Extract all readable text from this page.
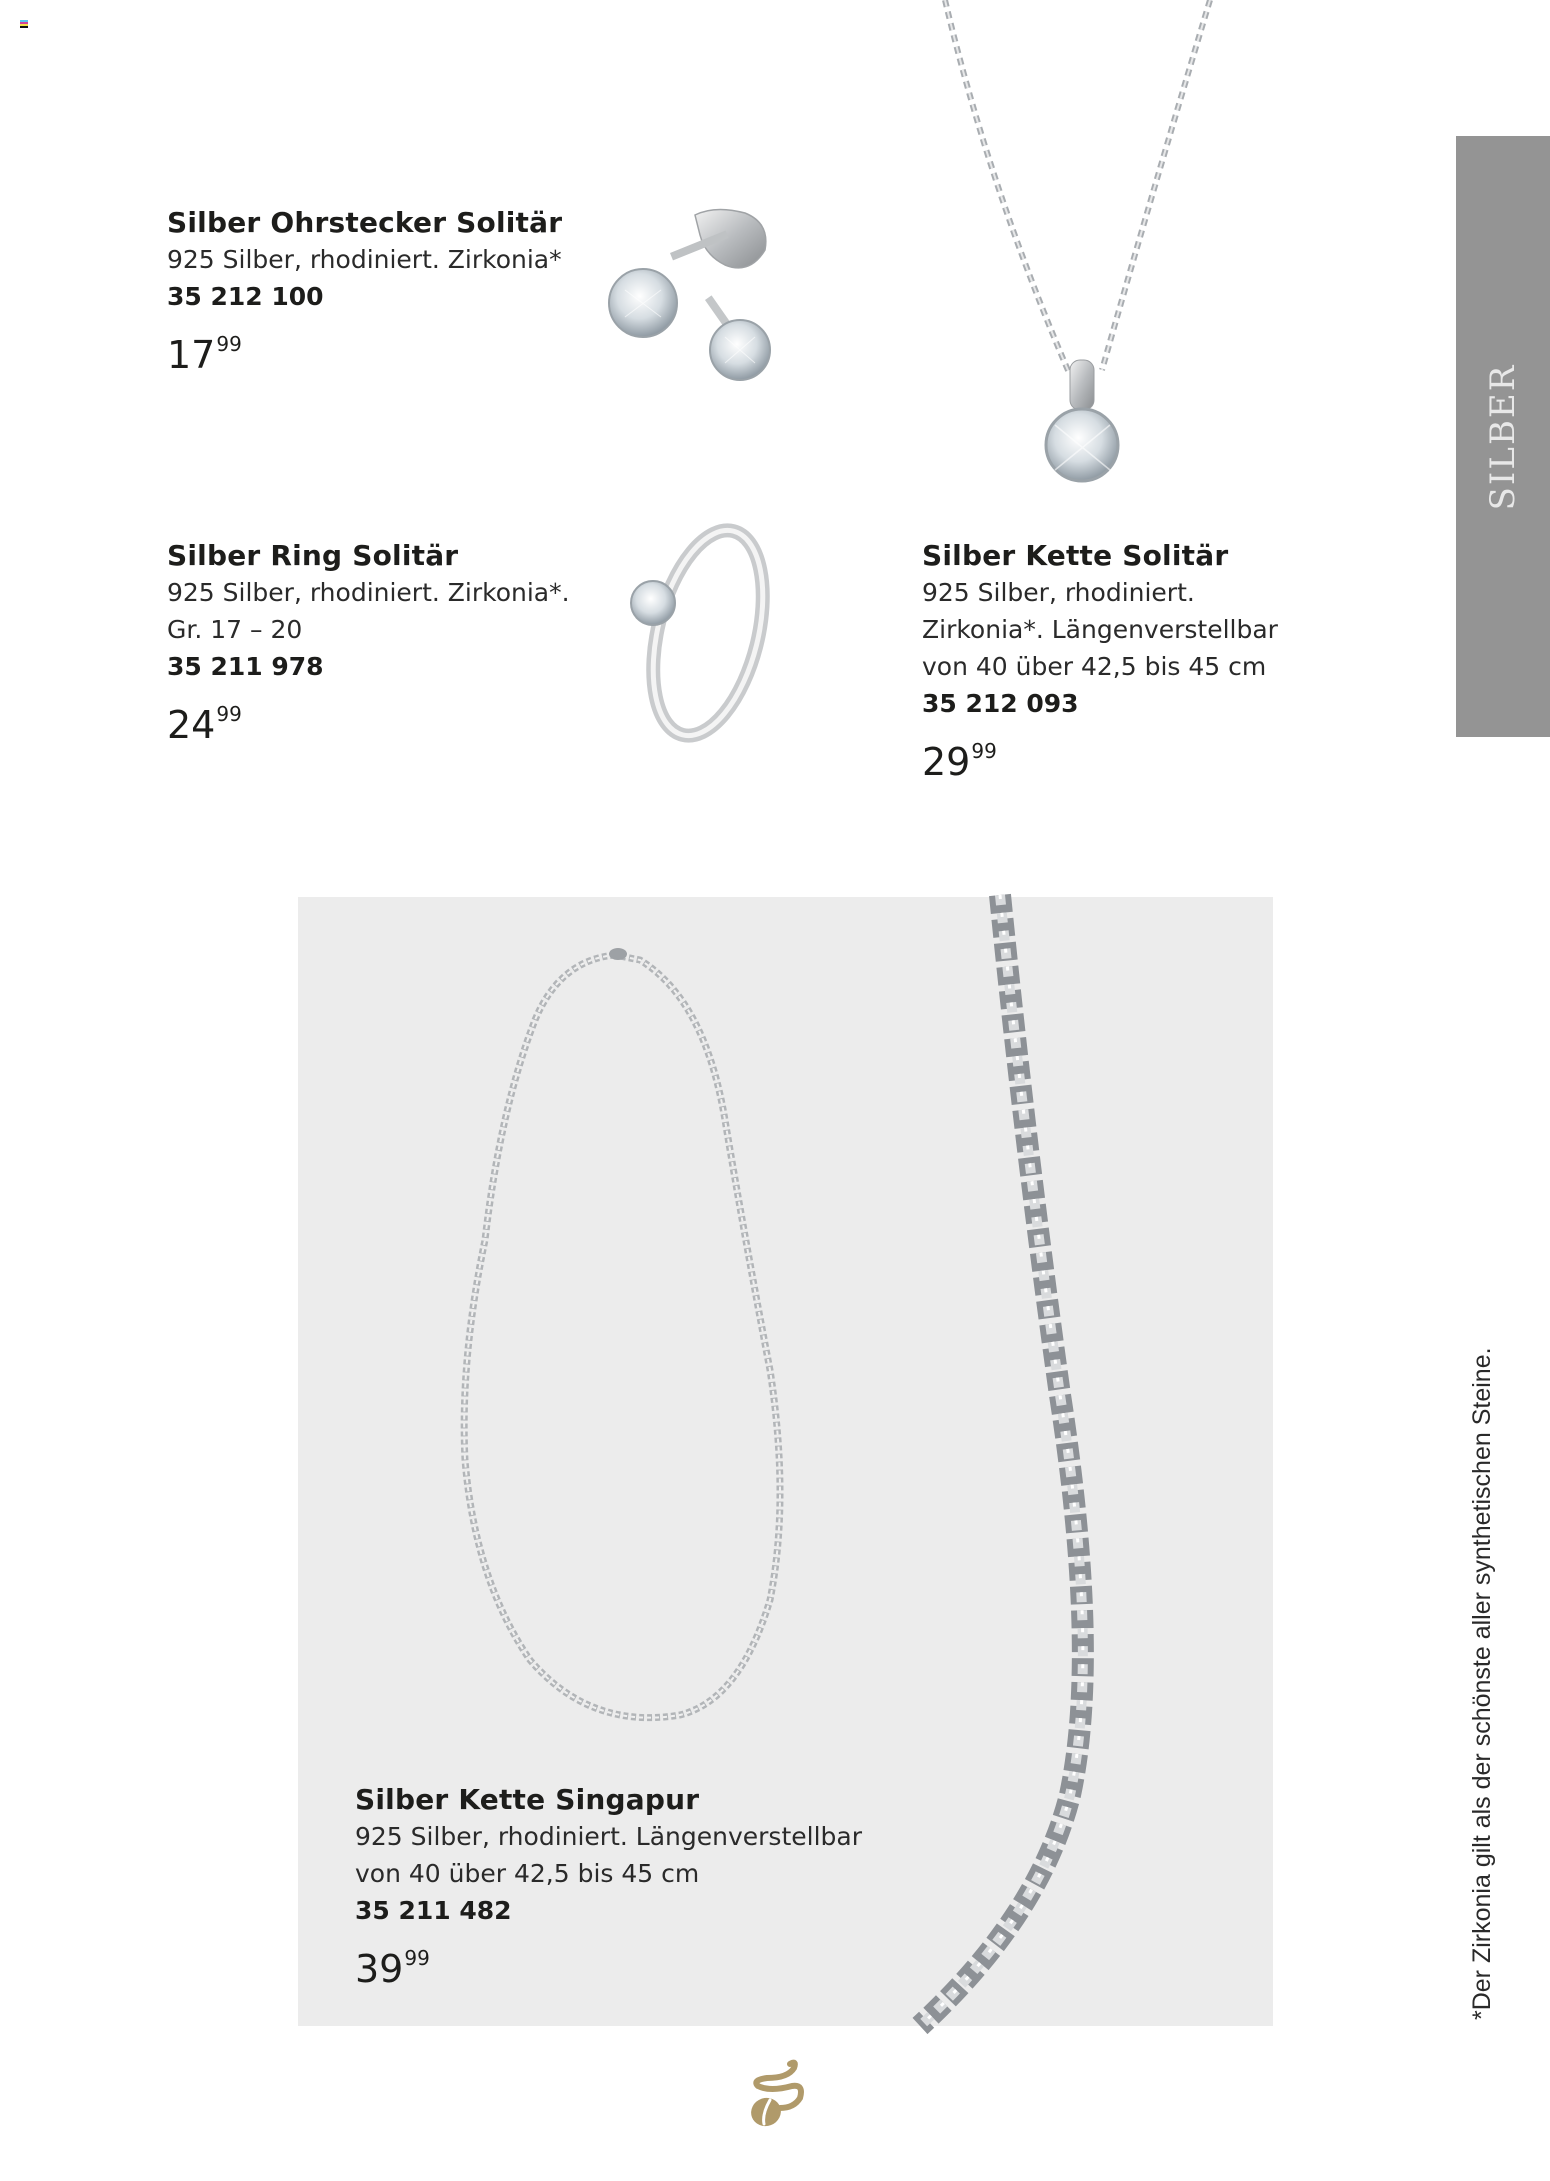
SILBER
Silber Ohrstecker Solitär
925 Silber, rhodiniert. Zirkonia*
35 212 100
$17^{99}$
Silber Ring Solitär
925 Silber, rhodiniert. Zirkonia*.
Gr. 17 – 20
35 211 978
$24^{99}$
Silber Kette Solitär
925 Silber, rhodiniert.
Zirkonia*. Längenverstellbar
von 40 über 42,5 bis 45 cm
35 212 093
$29^{99}$
Silber Kette Singapur
925 Silber, rhodiniert. Längenverstellbar
von 40 über 42,5 bis 45 cm
35 211 482
$39^{99}$	*Der Zirkonia gilt als der schönste aller synthetischen Steine.
